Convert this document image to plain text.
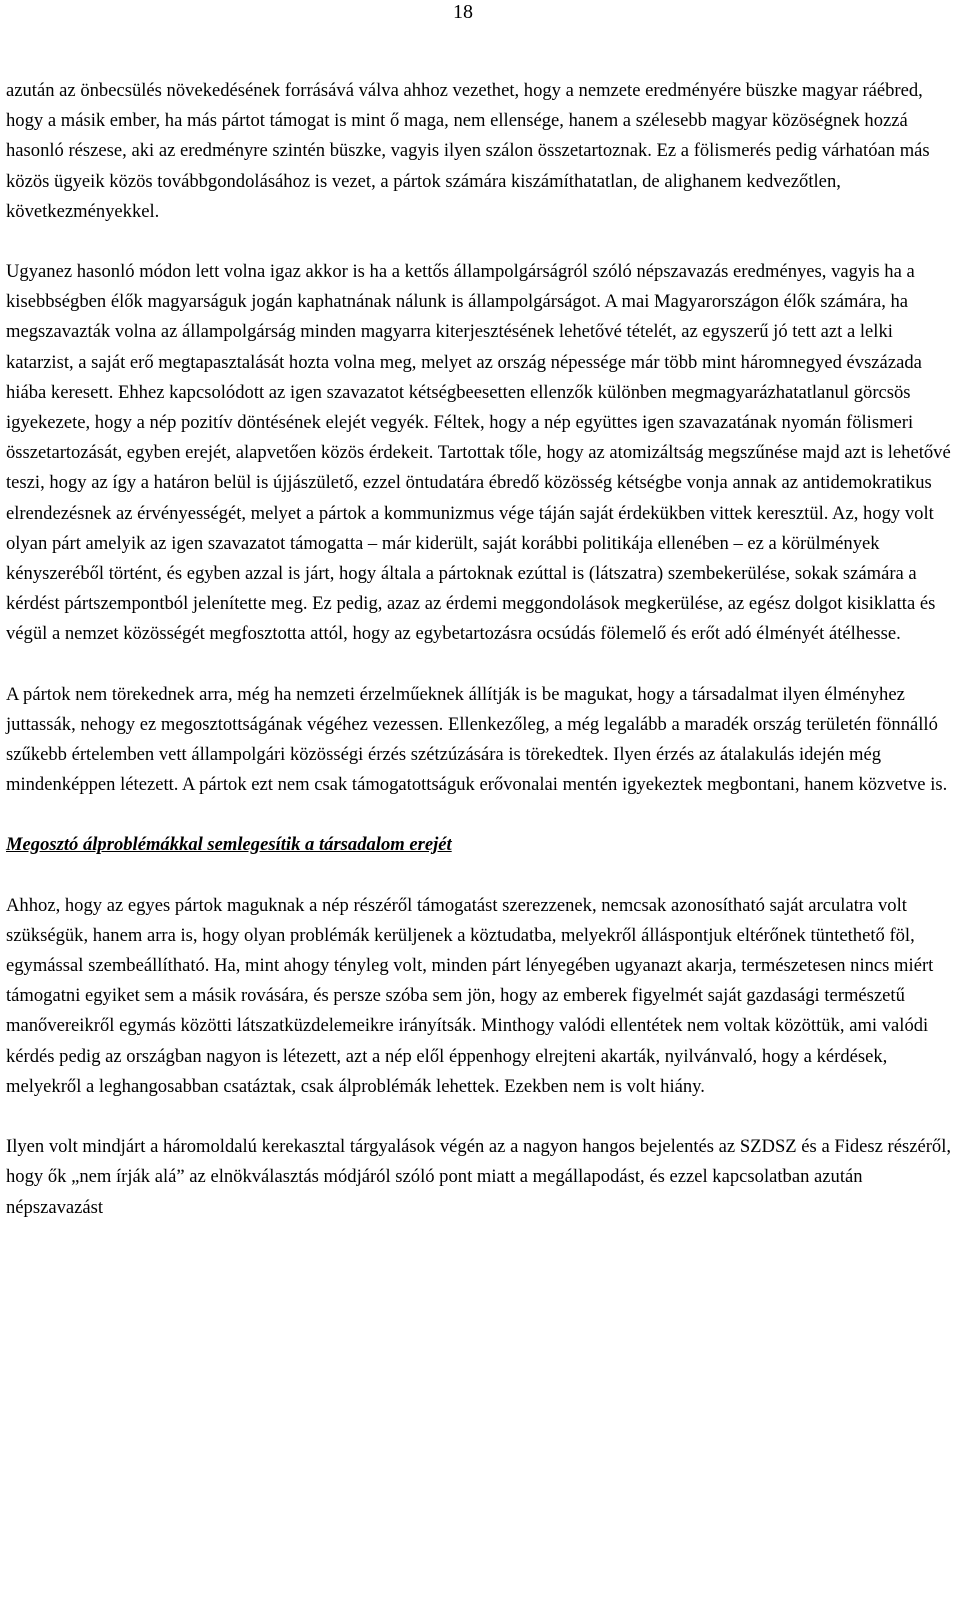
18

azután az önbecsülés növekedésének forrásává válva ahhoz vezethet, hogy a nemzete eredményére büszke magyar ráébred, hogy a másik ember, ha más pártot támogat is mint ő maga, nem ellensége, hanem a szélesebb magyar közöségnek hozzá hasonló részese, aki az eredményre szintén büszke, vagyis ilyen szálon összetartoznak. Ez a fölismerés pedig várhatóan más közös ügyeik közös továbbgondolásához is vezet, a pártok számára kiszámíthatatlan, de alighanem kedvezőtlen, következményekkel.

Ugyanez hasonló módon lett volna igaz akkor is ha a kettős állampolgárságról szóló népszavazás eredményes, vagyis ha a kisebbségben élők magyarságuk jogán kaphatnának nálunk is állampolgárságot. A mai Magyarországon élők számára, ha megszavazták volna az állampolgárság minden magyarra kiterjesztésének lehetővé tételét, az egyszerű jó tett azt a lelki katarzist, a saját erő megtapasztalását hozta volna meg, melyet az ország népessége már több mint háromnegyed évszázada hiába keresett. Ehhez kapcsolódott az igen szavazatot kétségbeesetten ellenzők különben megmagyarázhatatlanul görcsös igyekezete, hogy a nép pozitív döntésének elejét vegyék. Féltek, hogy a nép együttes igen szavazatának nyomán fölismeri összetartozását, egyben erejét, alapvetően közös érdekeit. Tartottak tőle, hogy az atomizáltság megszűnése majd azt is lehetővé teszi, hogy az így a határon belül is újjászülető, ezzel öntudatára ébredő közösség kétségbe vonja annak az antidemokratikus elrendezésnek az érvényességét, melyet a pártok a kommunizmus vége táján saját érdekükben vittek keresztül. Az, hogy volt olyan párt amelyik az igen szavazatot támogatta – már kiderült, saját korábbi politikája ellenében – ez a körülmények kényszeréből történt, és egyben azzal is járt, hogy általa a pártoknak ezúttal is (látszatra) szembekerülése, sokak számára a kérdést pártszempontból jelenítette meg. Ez pedig, azaz az érdemi meggondolások megkerülése, az egész dolgot kisiklatta és végül a nemzet közösségét megfosztotta attól, hogy az egybetartozásra ocsúdás fölemelő és erőt adó élményét átélhesse.

A pártok nem törekednek arra, még ha nemzeti érzelműeknek állítják is be magukat, hogy a társadalmat ilyen élményhez juttassák, nehogy ez megosztottságának végéhez vezessen. Ellenkezőleg, a még legalább a maradék ország területén fönnálló szűkebb értelemben vett állampolgári közösségi érzés szétzúzására is törekedtek. Ilyen érzés az átalakulás idején még mindenképpen létezett. A pártok ezt nem csak támogatottságuk erővonalai mentén igyekeztek megbontani, hanem közvetve is.

Megosztó álproblémákkal semlegesítik a társadalom erejét

Ahhoz, hogy az egyes pártok maguknak a nép részéről támogatást szerezzenek, nemcsak azonosítható saját arculatra volt szükségük, hanem arra is, hogy olyan problémák kerüljenek a köztudatba, melyekről álláspontjuk eltérőnek tüntethető föl, egymással szembeállítható. Ha, mint ahogy tényleg volt, minden párt lényegében ugyanazt akarja, természetesen nincs miért támogatni egyiket sem a másik rovására, és persze szóba sem jön, hogy az emberek figyelmét saját gazdasági természetű manővereikről egymás közötti látszatküzdelemeikre irányítsák. Minthogy valódi ellentétek nem voltak közöttük, ami valódi kérdés pedig az országban nagyon is létezett, azt a nép elől éppenhogy elrejteni akarták, nyilvánvaló, hogy a kérdések, melyekről a leghangosabban csatáztak, csak álproblémák lehettek. Ezekben nem is volt hiány.

Ilyen volt mindjárt a háromoldalú kerekasztal tárgyalások végén az a nagyon hangos bejelentés az SZDSZ és a Fidesz részéről, hogy ők „nem írják alá” az elnökválasztás módjáról szóló pont miatt a megállapodást, és ezzel kapcsolatban azután népszavazást
